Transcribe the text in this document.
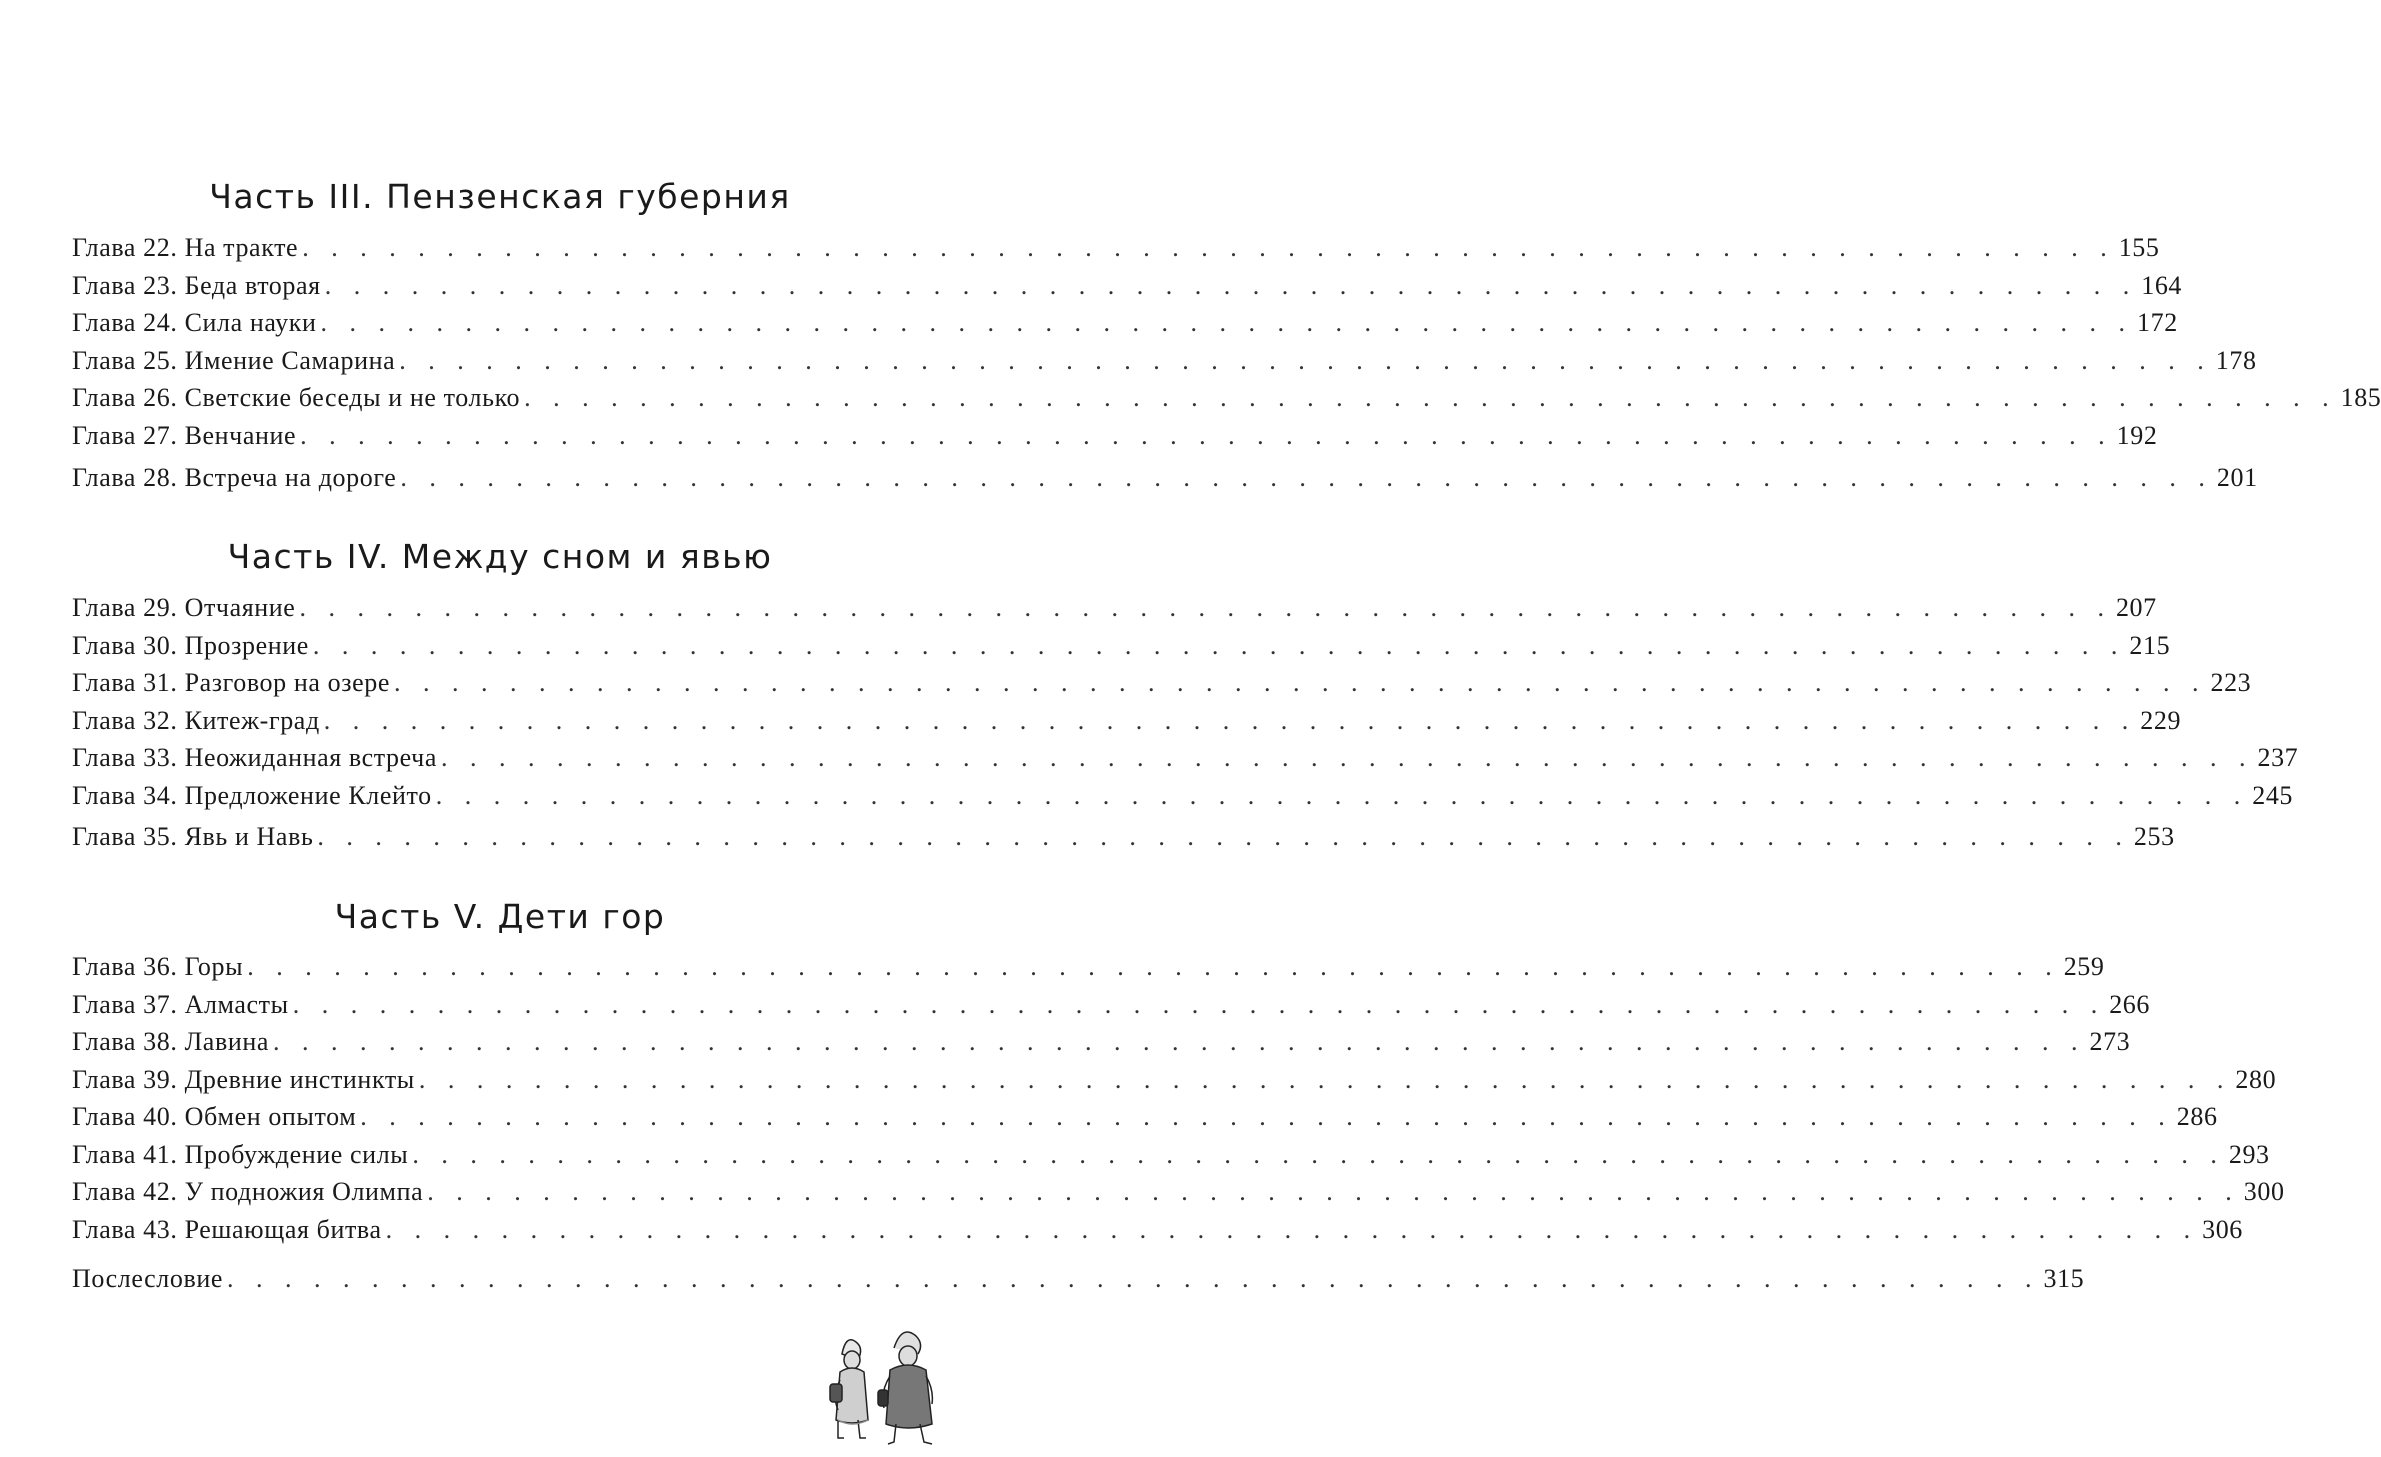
Часть III. Пензенская губерния
Глава 22. На тракте . . . . . . . . . . . . . . . . . . . . . . . . . . . . . . . . . . . . . . . . . . . . . . . . . . . . . . . . . . . . . . . 155
Глава 23. Беда вторая . . . . . . . . . . . . . . . . . . . . . . . . . . . . . . . . . . . . . . . . . . . . . . . . . . . . . . . . . . . . . . . 164
Глава 24. Сила науки . . . . . . . . . . . . . . . . . . . . . . . . . . . . . . . . . . . . . . . . . . . . . . . . . . . . . . . . . . . . . . . 172
Глава 25. Имение Самарина . . . . . . . . . . . . . . . . . . . . . . . . . . . . . . . . . . . . . . . . . . . . . . . . . . . . . . . . . . . . . . . 178
Глава 26. Светские беседы и не только . . . . . . . . . . . . . . . . . . . . . . . . . . . . . . . . . . . . . . . . . . . . . . . . . . . . . . . . . . . . . . . 185
Глава 27. Венчание . . . . . . . . . . . . . . . . . . . . . . . . . . . . . . . . . . . . . . . . . . . . . . . . . . . . . . . . . . . . . . . 192
Глава 28. Встреча на дороге . . . . . . . . . . . . . . . . . . . . . . . . . . . . . . . . . . . . . . . . . . . . . . . . . . . . . . . . . . . . . . . 201
Часть IV. Между сном и явью
Глава 29. Отчаяние . . . . . . . . . . . . . . . . . . . . . . . . . . . . . . . . . . . . . . . . . . . . . . . . . . . . . . . . . . . . . . . 207
Глава 30. Прозрение . . . . . . . . . . . . . . . . . . . . . . . . . . . . . . . . . . . . . . . . . . . . . . . . . . . . . . . . . . . . . . . 215
Глава 31. Разговор на озере . . . . . . . . . . . . . . . . . . . . . . . . . . . . . . . . . . . . . . . . . . . . . . . . . . . . . . . . . . . . . . . 223
Глава 32. Китеж-град . . . . . . . . . . . . . . . . . . . . . . . . . . . . . . . . . . . . . . . . . . . . . . . . . . . . . . . . . . . . . . . 229
Глава 33. Неожиданная встреча . . . . . . . . . . . . . . . . . . . . . . . . . . . . . . . . . . . . . . . . . . . . . . . . . . . . . . . . . . . . . . . 237
Глава 34. Предложение Клейто . . . . . . . . . . . . . . . . . . . . . . . . . . . . . . . . . . . . . . . . . . . . . . . . . . . . . . . . . . . . . . . 245
Глава 35. Явь и Навь . . . . . . . . . . . . . . . . . . . . . . . . . . . . . . . . . . . . . . . . . . . . . . . . . . . . . . . . . . . . . . . 253
Часть V. Дети гор
Глава 36. Горы . . . . . . . . . . . . . . . . . . . . . . . . . . . . . . . . . . . . . . . . . . . . . . . . . . . . . . . . . . . . . . . 259
Глава 37. Алмасты . . . . . . . . . . . . . . . . . . . . . . . . . . . . . . . . . . . . . . . . . . . . . . . . . . . . . . . . . . . . . . . 266
Глава 38. Лавина . . . . . . . . . . . . . . . . . . . . . . . . . . . . . . . . . . . . . . . . . . . . . . . . . . . . . . . . . . . . . . . 273
Глава 39. Древние инстинкты . . . . . . . . . . . . . . . . . . . . . . . . . . . . . . . . . . . . . . . . . . . . . . . . . . . . . . . . . . . . . . . 280
Глава 40. Обмен опытом . . . . . . . . . . . . . . . . . . . . . . . . . . . . . . . . . . . . . . . . . . . . . . . . . . . . . . . . . . . . . . . 286
Глава 41. Пробуждение силы . . . . . . . . . . . . . . . . . . . . . . . . . . . . . . . . . . . . . . . . . . . . . . . . . . . . . . . . . . . . . . . 293
Глава 42. У подножия Олимпа . . . . . . . . . . . . . . . . . . . . . . . . . . . . . . . . . . . . . . . . . . . . . . . . . . . . . . . . . . . . . . . 300
Глава 43. Решающая битва . . . . . . . . . . . . . . . . . . . . . . . . . . . . . . . . . . . . . . . . . . . . . . . . . . . . . . . . . . . . . . . 306
Послесловие . . . . . . . . . . . . . . . . . . . . . . . . . . . . . . . . . . . . . . . . . . . . . . . . . . . . . . . . . . . . . . . 315
